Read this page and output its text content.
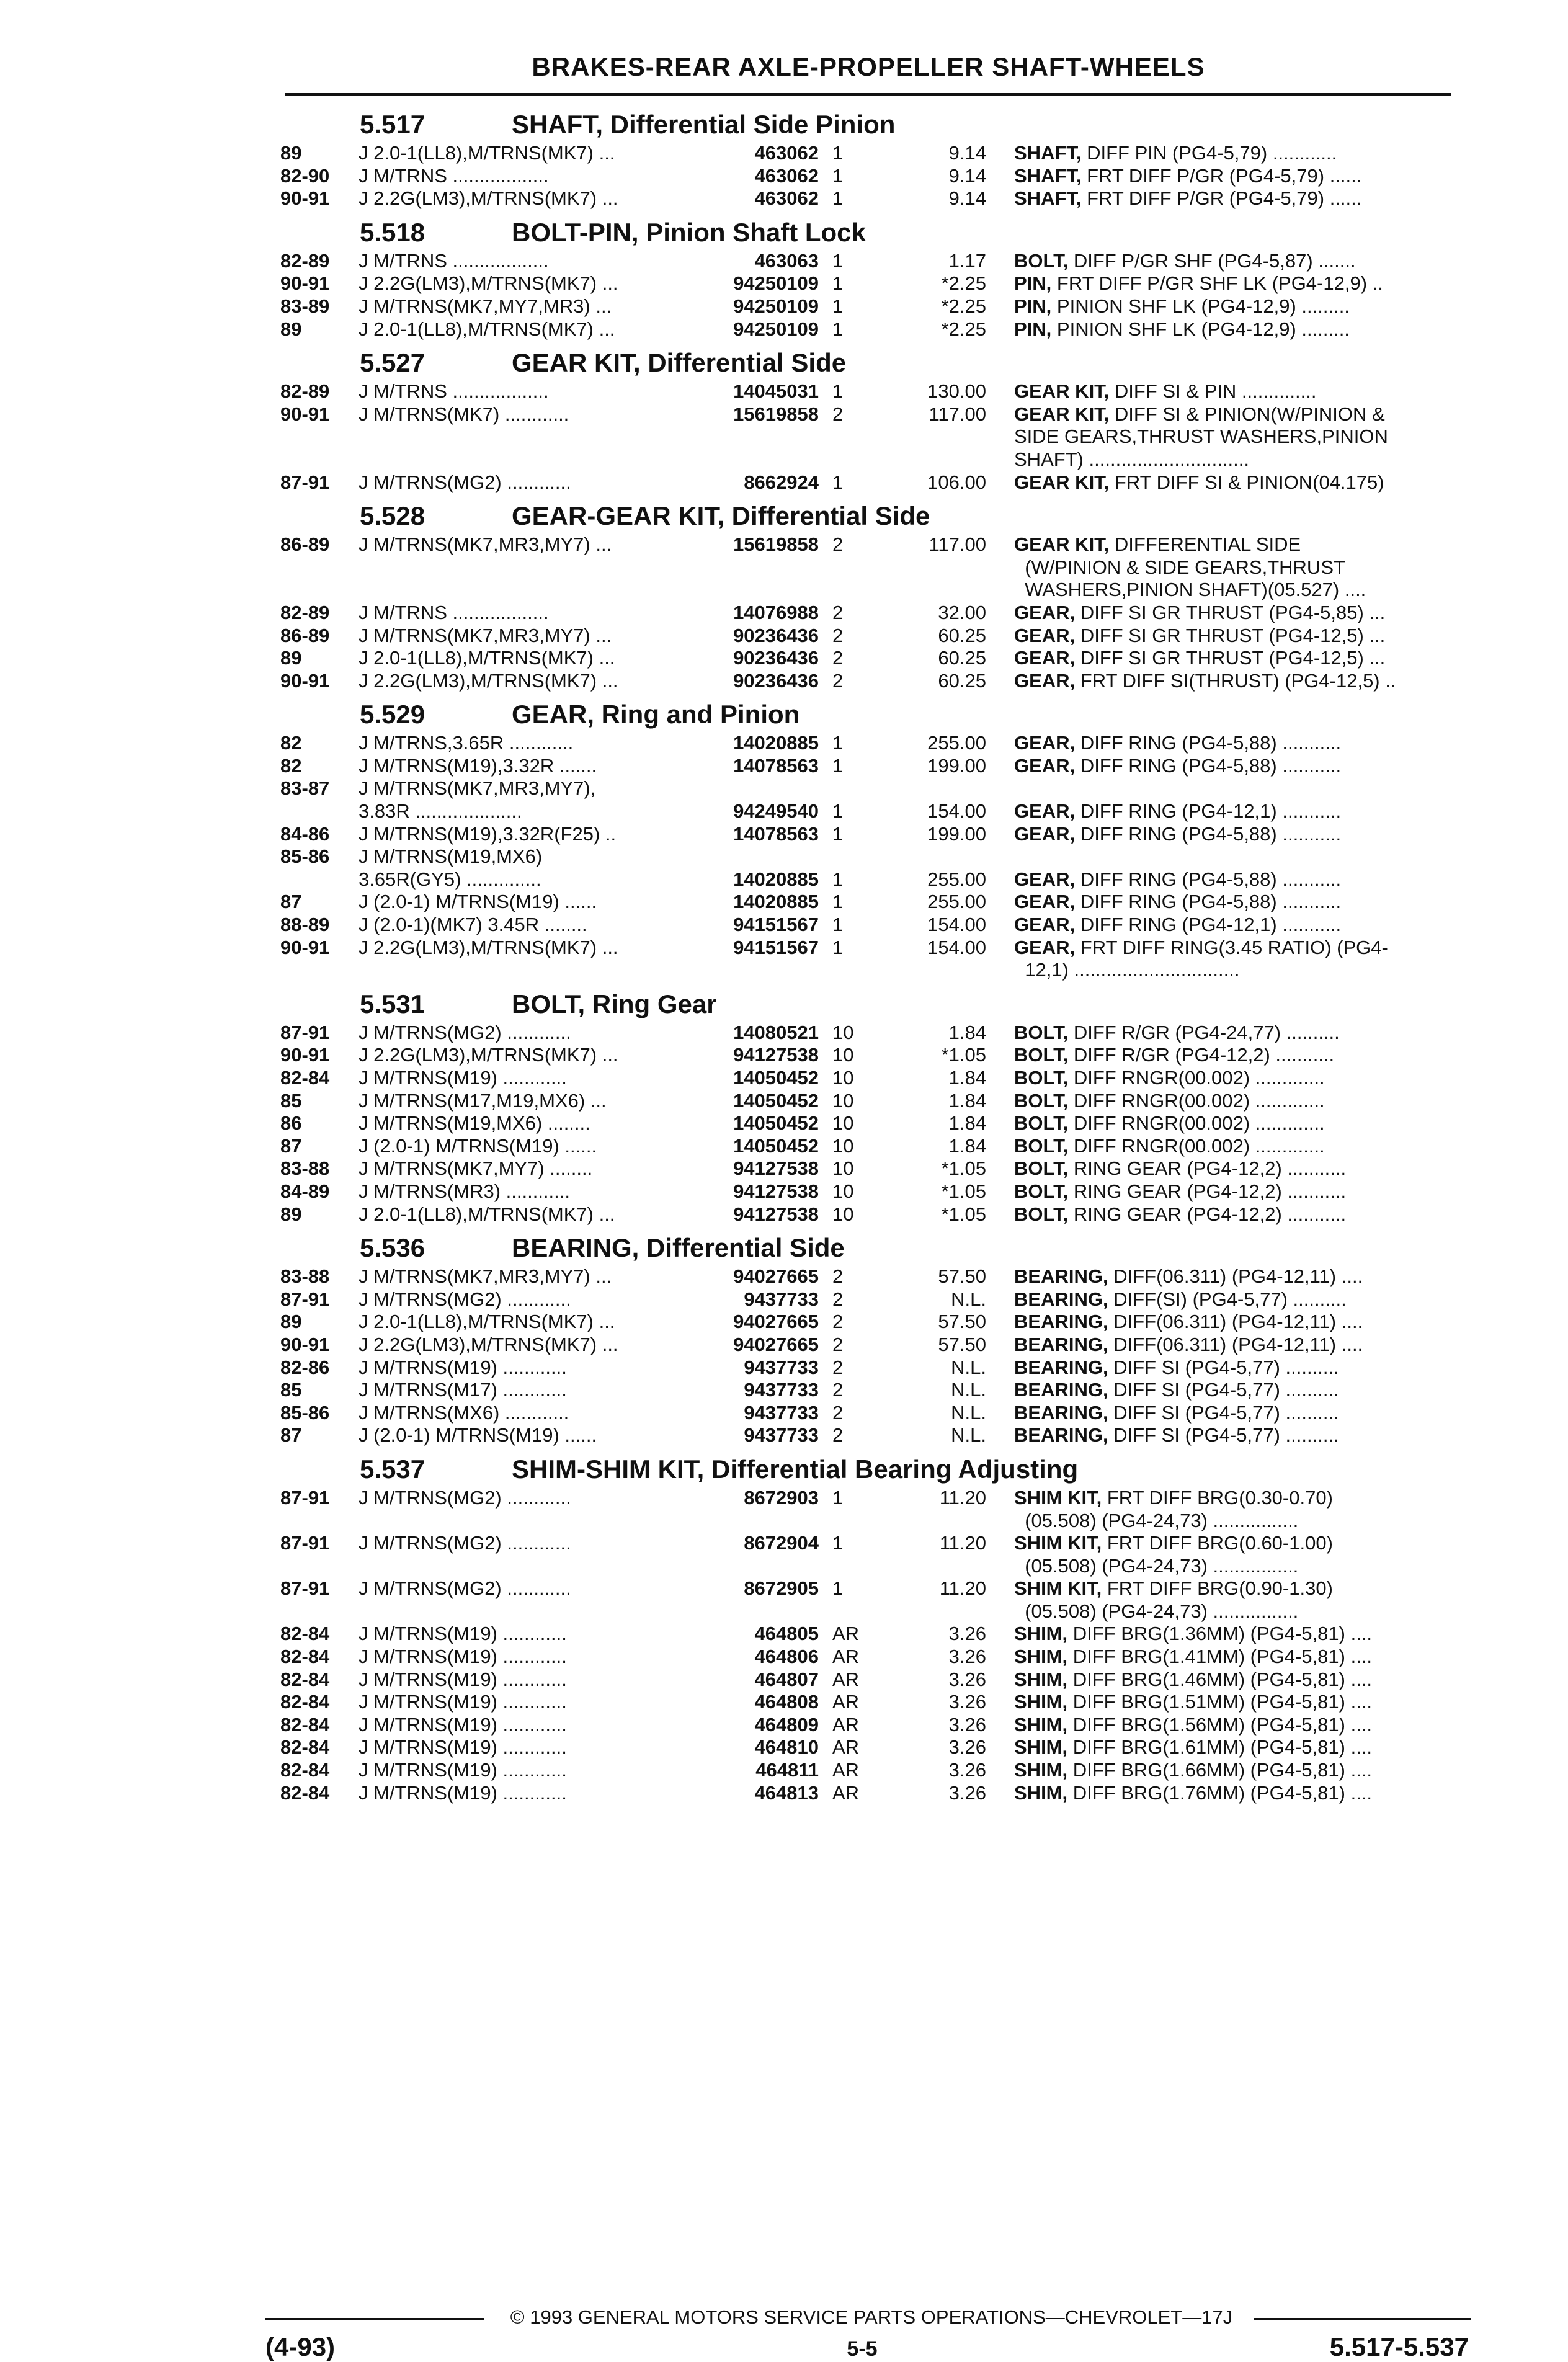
BRAKES-REAR AXLE-PROPELLER SHAFT-WHEELS
5.517	SHAFT, Differential Side Pinion
89	J 2.0-1(LL8),M/TRNS(MK7) ...	463062 1	9.14 SHAFT, DIFF PIN (PG4-5,79) ............
82-90 J M/TRNS ..................	463062 1	9.14 SHAFT, FRT DIFF P/GR (PG4-5,79) ......
90-91 J 2.2G(LM3),M/TRNS(MK7) ...	463062 1	9.14 SHAFT, FRT DIFF P/GR (PG4-5,79) ......
5.518	BOLT-PIN, Pinion Shaft Lock
82-89 J M/TRNS ..................	463063 1	1.17 BOLT, DIFF P/GR SHF (PG4-5,87) .......
90-91 J 2.2G(LM3),M/TRNS(MK7) ...	94250109 1	*2.25 PIN, FRT DIFF P/GR SHF LK (PG4-12,9) ..
83-89 J M/TRNS(MK7,MY7,MR3) ...	94250109 1	*2.25 PIN, PINION SHF LK (PG4-12,9) .........
89	J 2.0-1(LL8),M/TRNS(MK7) ...	94250109 1	*2.25 PIN, PINION SHF LK (PG4-12,9) .........
5.527	GEAR KIT, Differential Side
82-89 J M/TRNS ..................	14045031 1	130.00 GEAR KIT, DIFF SI & PIN ..............
90-91 J M/TRNS(MK7) ............	15619858 2	117.00 GEAR KIT, DIFF SI & PINION(W/PINION &
SIDE GEARS,THRUST WASHERS,PINION
SHAFT) ..............................
87-91 J M/TRNS(MG2) ............	8662924 1	106.00 GEAR KIT, FRT DIFF SI & PINION(04.175)
5.528	GEAR-GEAR KIT, Differential Side
86-89 J M/TRNS(MK7,MR3,MY7) ...	15619858 2	117.00 GEAR KIT, DIFFERENTIAL SIDE
(W/PINION & SIDE GEARS,THRUST
WASHERS,PINION SHAFT)(05.527) ....
82-89 J M/TRNS ..................	14076988 2	32.00 GEAR, DIFF SI GR THRUST (PG4-5,85) ...
86-89 J M/TRNS(MK7,MR3,MY7) ...	90236436 2	60.25 GEAR, DIFF SI GR THRUST (PG4-12,5) ...
89	J 2.0-1(LL8),M/TRNS(MK7) ...	90236436 2	60.25 GEAR, DIFF SI GR THRUST (PG4-12,5) ...
90-91 J 2.2G(LM3),M/TRNS(MK7) ...	90236436 2	60.25 GEAR, FRT DIFF SI(THRUST) (PG4-12,5) ..
5.529	GEAR, Ring and Pinion
82	J M/TRNS,3.65R ............	14020885 1	255.00 GEAR, DIFF RING (PG4-5,88) ...........
82	J M/TRNS(M19),3.32R .......	14078563 1	199.00 GEAR, DIFF RING (PG4-5,88) ...........
83-87 J M/TRNS(MK7,MR3,MY7),
3.83R ....................	94249540 1	154.00 GEAR, DIFF RING (PG4-12,1) ...........
84-86 J M/TRNS(M19),3.32R(F25) ..	14078563 1	199.00 GEAR, DIFF RING (PG4-5,88) ...........
85-86 J M/TRNS(M19,MX6)
3.65R(GY5) ..............	14020885 1	255.00 GEAR, DIFF RING (PG4-5,88) ...........
87	J (2.0-1) M/TRNS(M19) ......	14020885 1	255.00 GEAR, DIFF RING (PG4-5,88) ...........
88-89 J (2.0-1)(MK7) 3.45R ........	94151567 1	154.00 GEAR, DIFF RING (PG4-12,1) ...........
90-91 J 2.2G(LM3),M/TRNS(MK7) ...	94151567 1	154.00 GEAR, FRT DIFF RING(3.45 RATIO) (PG4-
12,1) ...............................
5.531	BOLT, Ring Gear
87-91 J M/TRNS(MG2) ............	14080521 10	1.84 BOLT, DIFF R/GR (PG4-24,77) ..........
90-91 J 2.2G(LM3),M/TRNS(MK7) ...	94127538 10	*1.05 BOLT, DIFF R/GR (PG4-12,2) ...........
82-84 J M/TRNS(M19) ............	14050452 10	1.84 BOLT, DIFF RNGR(00.002) .............
85	J M/TRNS(M17,M19,MX6) ...	14050452 10	1.84 BOLT, DIFF RNGR(00.002) .............
86	J M/TRNS(M19,MX6) ........	14050452 10	1.84 BOLT, DIFF RNGR(00.002) .............
87	J (2.0-1) M/TRNS(M19) ......	14050452 10	1.84 BOLT, DIFF RNGR(00.002) .............
83-88 J M/TRNS(MK7,MY7) ........	94127538 10	*1.05 BOLT, RING GEAR (PG4-12,2) ...........
84-89 J M/TRNS(MR3) ............	94127538 10	*1.05 BOLT, RING GEAR (PG4-12,2) ...........
89	J 2.0-1(LL8),M/TRNS(MK7) ...	94127538 10	*1.05 BOLT, RING GEAR (PG4-12,2) ...........
5.536	BEARING, Differential Side
83-88 J M/TRNS(MK7,MR3,MY7) ...	94027665 2	57.50 BEARING, DIFF(06.311) (PG4-12,11) ....
87-91 J M/TRNS(MG2) ............	9437733 2	N.L. BEARING, DIFF(SI) (PG4-5,77) ..........
89	J 2.0-1(LL8),M/TRNS(MK7) ...	94027665 2	57.50 BEARING, DIFF(06.311) (PG4-12,11) ....
90-91 J 2.2G(LM3),M/TRNS(MK7) ...	94027665 2	57.50 BEARING, DIFF(06.311) (PG4-12,11) ....
82-86 J M/TRNS(M19) ............	9437733 2	N.L. BEARING, DIFF SI (PG4-5,77) ..........
85	J M/TRNS(M17) ............	9437733 2	N.L. BEARING, DIFF SI (PG4-5,77) ..........
85-86 J M/TRNS(MX6) ............	9437733 2	N.L. BEARING, DIFF SI (PG4-5,77) ..........
87	J (2.0-1) M/TRNS(M19) ......	9437733 2	N.L. BEARING, DIFF SI (PG4-5,77) ..........
5.537	SHIM-SHIM KIT, Differential Bearing Adjusting
87-91 J M/TRNS(MG2) ............	8672903 1	11.20 SHIM KIT, FRT DIFF BRG(0.30-0.70)
(05.508) (PG4-24,73) ................
87-91 J M/TRNS(MG2) ............	8672904 1	11.20 SHIM KIT, FRT DIFF BRG(0.60-1.00)
(05.508) (PG4-24,73) ................
87-91 J M/TRNS(MG2) ............	8672905 1	11.20 SHIM KIT, FRT DIFF BRG(0.90-1.30)
(05.508) (PG4-24,73) ................
82-84 J M/TRNS(M19) ............	464805 AR	3.26 SHIM, DIFF BRG(1.36MM) (PG4-5,81) ....
82-84 J M/TRNS(M19) ............	464806 AR	3.26 SHIM, DIFF BRG(1.41MM) (PG4-5,81) ....
82-84 J M/TRNS(M19) ............	464807 AR	3.26 SHIM, DIFF BRG(1.46MM) (PG4-5,81) ....
82-84 J M/TRNS(M19) ............	464808 AR	3.26 SHIM, DIFF BRG(1.51MM) (PG4-5,81) ....
82-84 J M/TRNS(M19) ............	464809 AR	3.26 SHIM, DIFF BRG(1.56MM) (PG4-5,81) ....
82-84 J M/TRNS(M19) ............	464810 AR	3.26 SHIM, DIFF BRG(1.61MM) (PG4-5,81) ....
82-84 J M/TRNS(M19) ............	464811 AR	3.26 SHIM, DIFF BRG(1.66MM) (PG4-5,81) ....
82-84 J M/TRNS(M19) ............	464813 AR	3.26 SHIM, DIFF BRG(1.76MM) (PG4-5,81) ....
© 1993 GENERAL MOTORS SERVICE PARTS OPERATIONS—CHEVROLET—17J
(4-93)	5-5	5.517-5.537
